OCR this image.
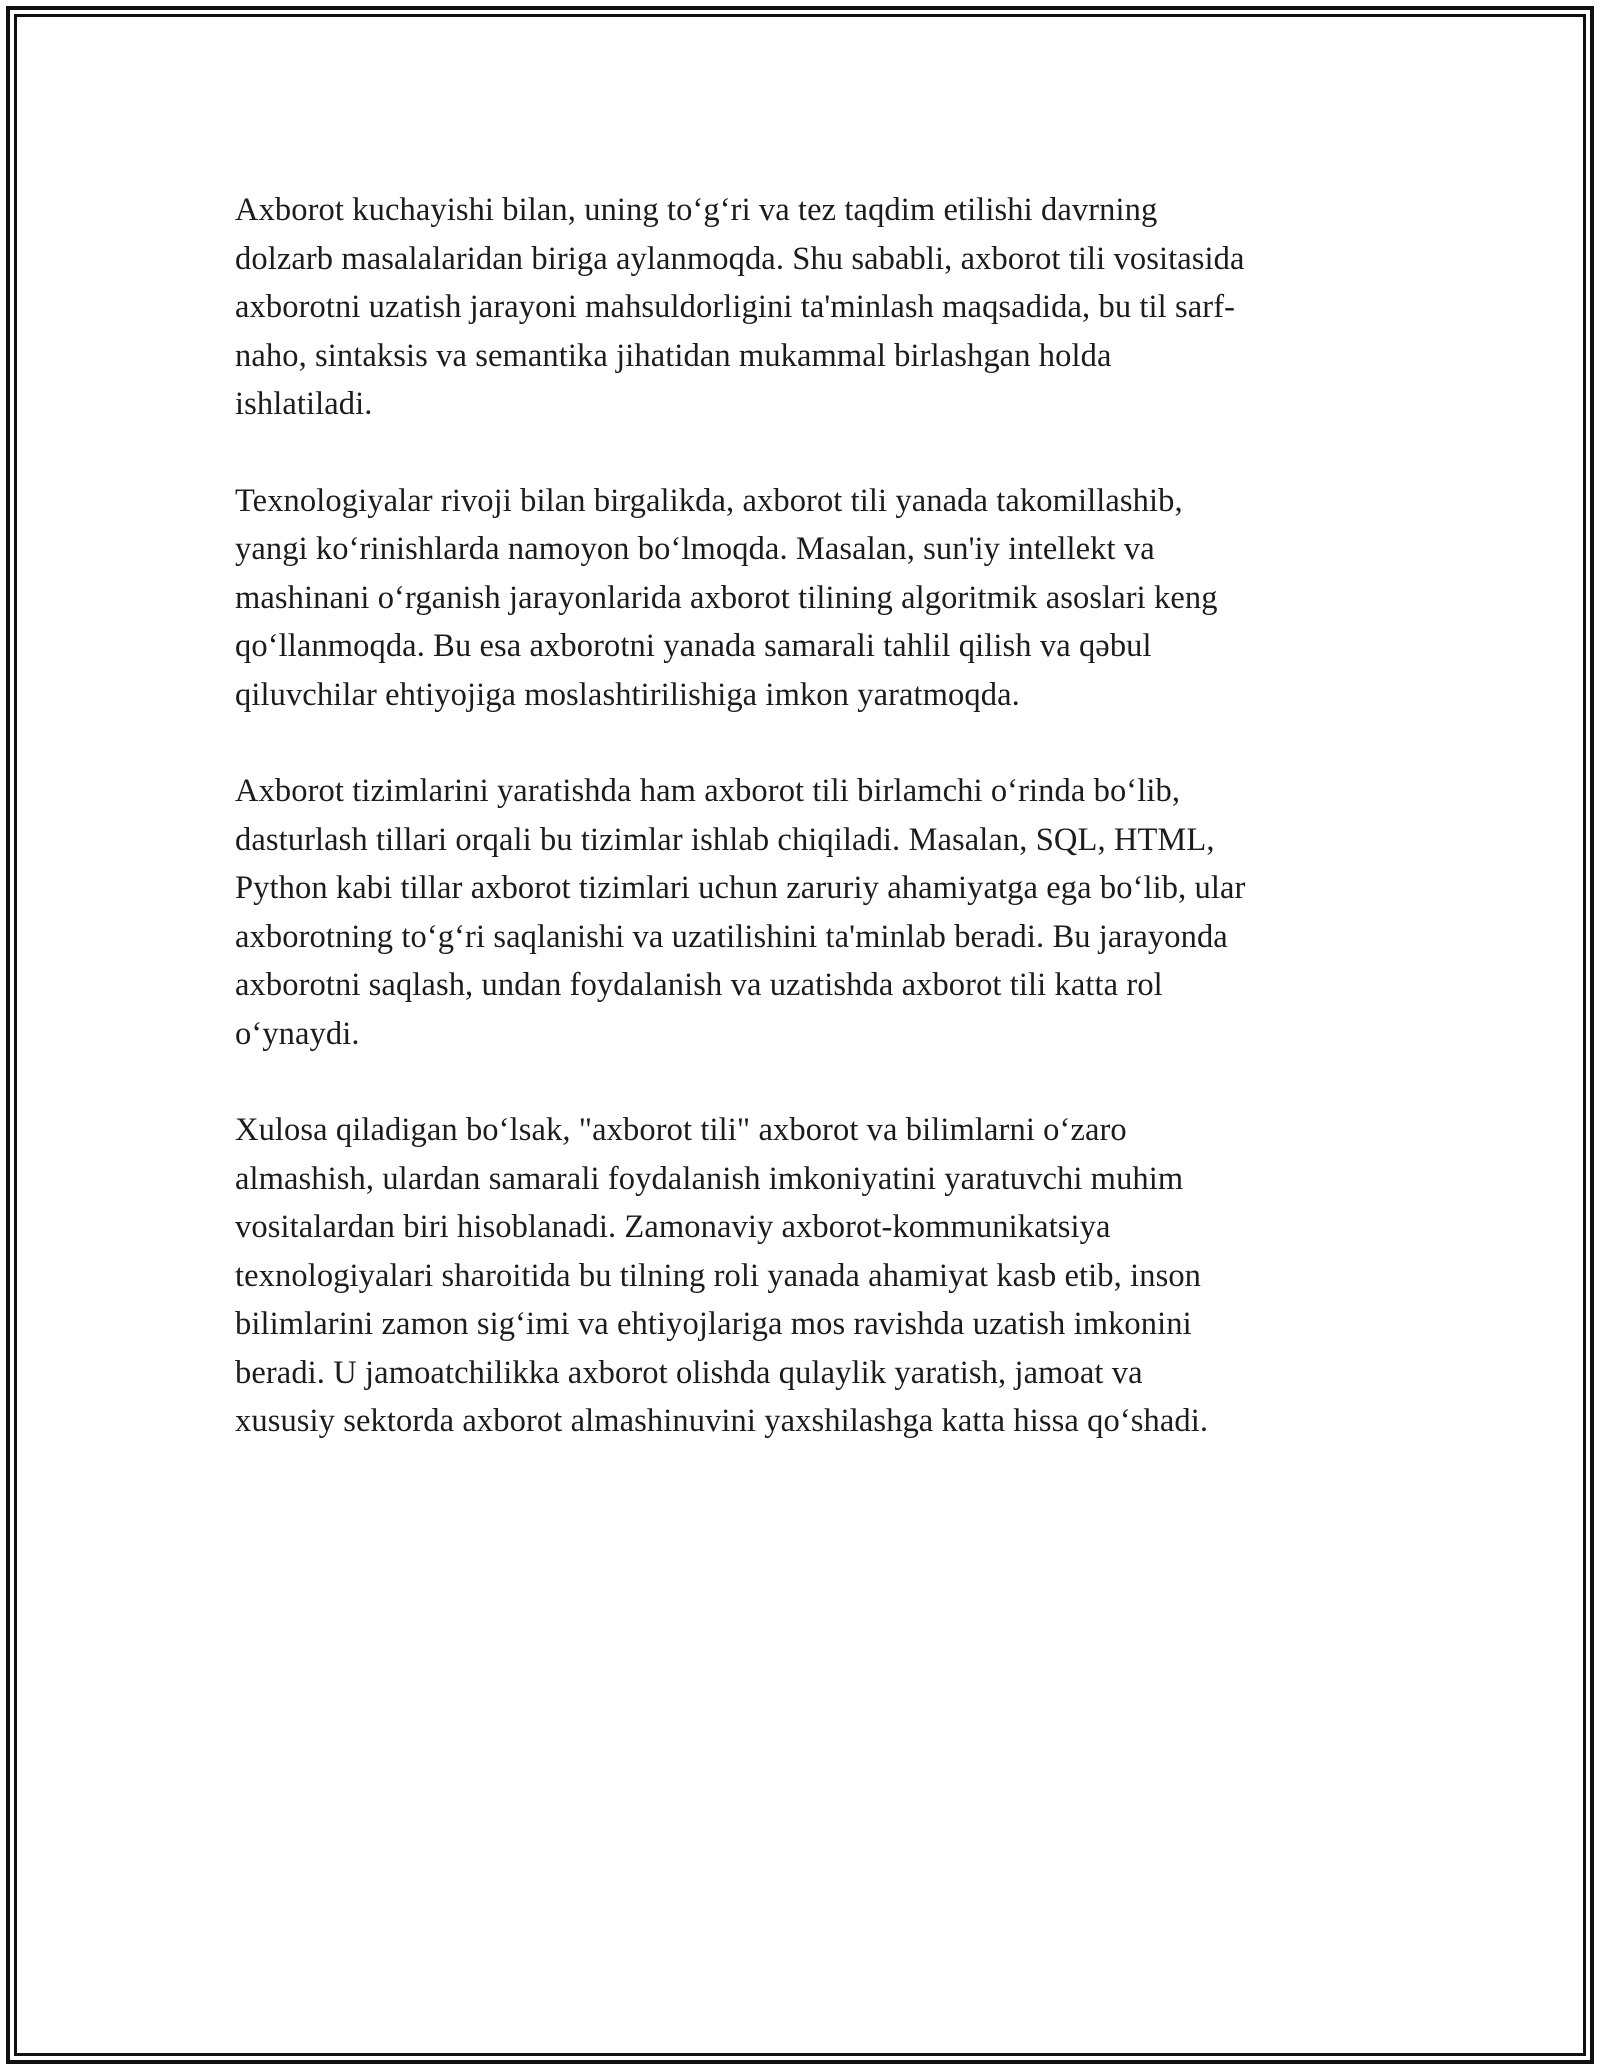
Axborot kuchayishi bilan, uning to‘g‘ri va tez taqdim etilishi davrning
dolzarb masalalaridan biriga aylanmoqda. Shu sababli, axborot tili vositasida
axborotni uzatish jarayoni mahsuldorligini ta'minlash maqsadida, bu til sarf-
naho, sintaksis va semantika jihatidan mukammal birlashgan holda
ishlatiladi.

Texnologiyalar rivoji bilan birgalikda, axborot tili yanada takomillashib,
yangi ko‘rinishlarda namoyon bo‘lmoqda. Masalan, sun'iy intellekt va
mashinani o‘rganish jarayonlarida axborot tilining algoritmik asoslari keng
qo‘llanmoqda. Bu esa axborotni yanada samarali tahlil qilish va qəbul
qiluvchilar ehtiyojiga moslashtirilishiga imkon yaratmoqda.

Axborot tizimlarini yaratishda ham axborot tili birlamchi o‘rinda bo‘lib,
dasturlash tillari orqali bu tizimlar ishlab chiqiladi. Masalan, SQL, HTML,
Python kabi tillar axborot tizimlari uchun zaruriy ahamiyatga ega bo‘lib, ular
axborotning to‘g‘ri saqlanishi va uzatilishini ta'minlab beradi. Bu jarayonda
axborotni saqlash, undan foydalanish va uzatishda axborot tili katta rol
o‘ynaydi.

Xulosa qiladigan bo‘lsak, "axborot tili" axborot va bilimlarni o‘zaro
almashish, ulardan samarali foydalanish imkoniyatini yaratuvchi muhim
vositalardan biri hisoblanadi. Zamonaviy axborot-kommunikatsiya
texnologiyalari sharoitida bu tilning roli yanada ahamiyat kasb etib, inson
bilimlarini zamon sig‘imi va ehtiyojlariga mos ravishda uzatish imkonini
beradi. U jamoatchilikka axborot olishda qulaylik yaratish, jamoat va
xususiy sektorda axborot almashinuvini yaxshilashga katta hissa qo‘shadi.
